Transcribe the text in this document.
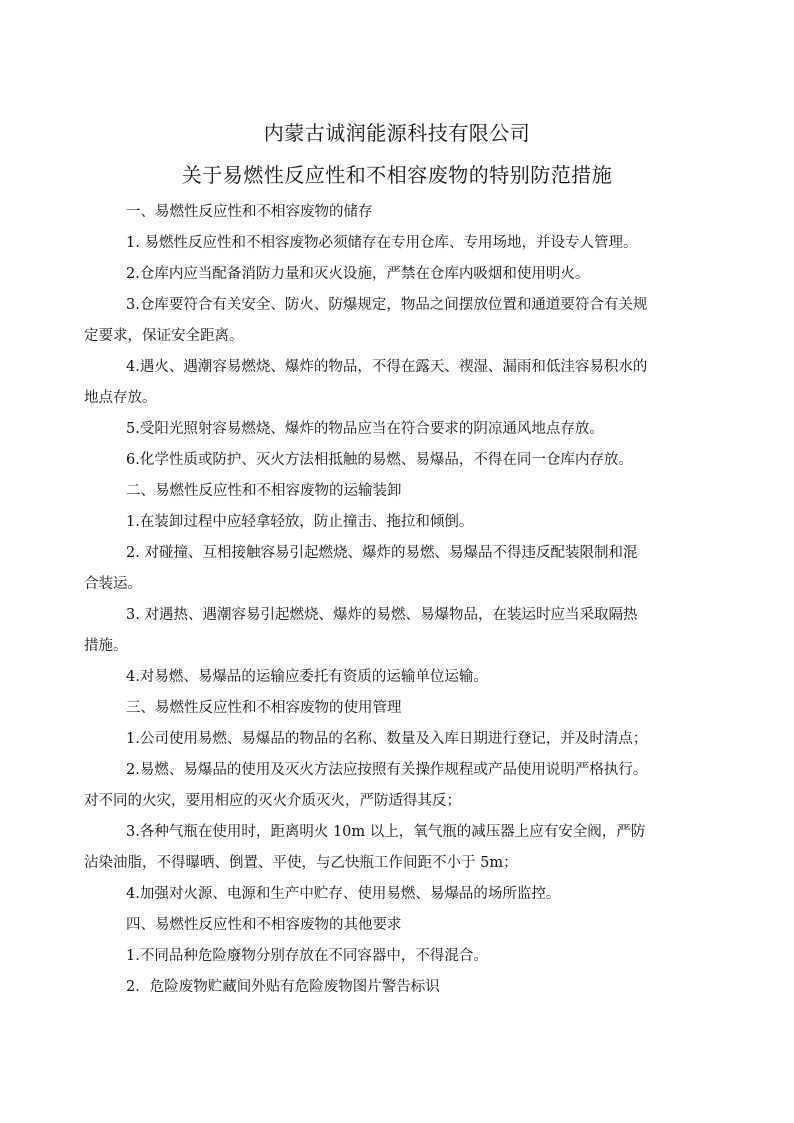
内蒙古诚润能源科技有限公司
关于易燃性反应性和不相容废物的特别防范措施

一、易燃性反应性和不相容废物的储存

1. 易燃性反应性和不相容废物必须储存在专用仓库、专用场地，并设专人管理。

2.仓库内应当配备消防力量和灭火设施，严禁在仓库内吸烟和使用明火。

3.仓库要符合有关安全、防火、防爆规定，物品之间摆放位置和通道要符合有关规

定要求，保证安全距离。

4.遇火、遇潮容易燃烧、爆炸的物品，不得在露天、禊湿、漏雨和低洼容易积水的

地点存放。

5.受阳光照射容易燃烧、爆炸的物品应当在符合要求的阴凉通风地点存放。

6.化学性质或防护、灭火方法相抵触的易燃、易爆品，不得在同一仓库内存放。

二、易燃性反应性和不相容废物的运输装卸

1.在装卸过程中应轻拿轻放，防止撞击、拖拉和倾倒。

2. 对碰撞、互相接触容易引起燃烧、爆炸的易燃、易爆品不得违反配装限制和混

合装运。

3. 对遇热、遇潮容易引起燃烧、爆炸的易燃、易爆物品，在装运时应当采取隔热

措施。

4.对易燃、易爆品的运输应委托有资质的运输单位运输。

三、易燃性反应性和不相容废物的使用管理

1.公司使用易燃、易爆品的物品的名称、数量及入库日期进行登记，并及时清点；

2.易燃、易爆品的使用及灭火方法应按照有关操作规程或产品使用说明严格执行。

对不同的火灾，要用相应的灭火介质灭火，严防适得其反；

3.各种气瓶在使用时，距离明火 10m 以上，氧气瓶的减压器上应有安全阀，严防

沾染油脂，不得曝晒、倒置、平使，与乙快瓶工作间距不小于 5m；

4.加强对火源、电源和生产中贮存、使用易燃、易爆品的场所监控。

四、易燃性反应性和不相容废物的其他要求

1.不同品种危险廢物分别存放在不同容器中，不得混合。

2．危险废物贮藏间外贴有危险废物图片警告标识
